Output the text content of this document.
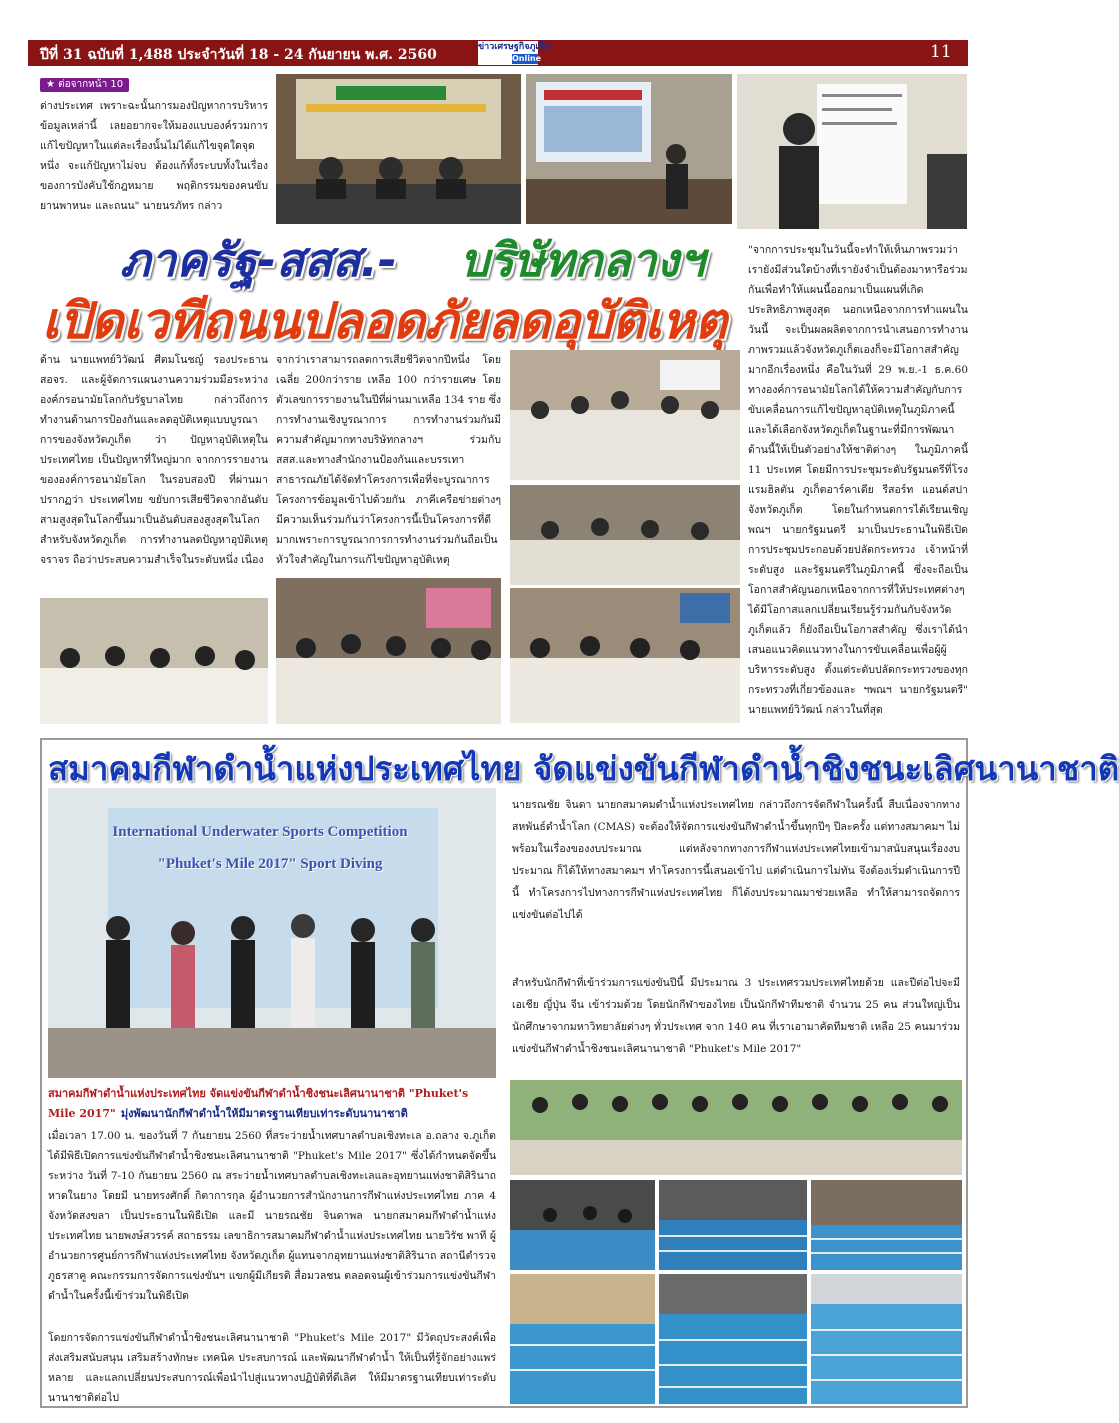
ปีที่ 31 ฉบับที่ 1,488 ประจำวันที่ 18 - 24 กันยายน พ.ศ. 2560	ข่าวเศรษฐกิจภูเก็ต
Online	11
★ ต่อจากหน้า 10
ต่างประเทศ เพราะฉะนั้นการมองปัญหาการบริหาร ข้อมูลเหล่านี้ เลยอยากจะให้มองแบบองค์รวมการ แก้ไขปัญหาในแต่ละเรื่องนั้นไม่ได้แก้ไขจุดใดจุด หนึ่ง จะแก้ปัญหาไม่จบ ต้องแก้ทั้งระบบทั้งในเรื่อง ของการบังคับใช้กฎหมาย พฤติกรรมของคนขับ ยานพาหนะ และถนน" นายนรภัทร กล่าว
ภาครัฐ-สสส.- บริษัทกลางฯ
เปิดเวทีถนนปลอดภัยลดอุบัติเหตุ
ด้าน นายแพทย์วิวัฒน์ ศีตมโนชญ์ รองประธาน สอจร. และผู้จัดการแผนงานความร่วมมือระหว่างองค์กรอนามัยโลกกับรัฐบาลไทย กล่าวถึงการทำงานด้านการป้องกันและลดอุบัติเหตุแบบบูรณาการของจังหวัดภูเก็ต ว่า ปัญหาอุบัติเหตุในประเทศไทย เป็นปัญหาที่ใหญ่มาก จากการรายงานขององค์การอนามัยโลก ในรอบสองปี ที่ผ่านมาปรากฏว่า ประเทศไทย ขยับการเสียชีวิตจากอันดับสามสูงสุดในโลกขึ้นมาเป็นอันดับสองสูงสุดในโลก สำหรับจังหวัดภูเก็ต การทำงานลดปัญหาอุบัติเหตุจราจร ถือว่าประสบความสำเร็จในระดับหนึ่ง เนื่อง
จากว่าเราสามารถลดการเสียชีวิตจากปีหนึ่ง โดยเฉลี่ย 200กว่าราย เหลือ 100 กว่ารายเศษ โดยตัวเลขการรายงานในปีที่ผ่านมาเหลือ 134 ราย ซึ่งการทำงานเชิงบูรณาการ การทำงานร่วมกันมีความสำคัญมากทางบริษัทกลางฯ ร่วมกับ สสส.และทางสำนักงานป้องกันและบรรเทาสาธารณภัยได้จัดทำโครงการเพื่อที่จะบูรณาการโครงการข้อมูลเข้าไปด้วยกัน ภาคีเครือข่ายต่างๆ มีความเห็นร่วมกันว่าโครงการนี้เป็นโครงการที่ดีมากเพราะการบูรณาการการทำงานร่วมกันถือเป็นหัวใจสำคัญในการแก้ไขปัญหาอุบัติเหตุ
"จากการประชุมในวันนี้จะทำให้เห็นภาพรวมว่าเรายังมีส่วนใดบ้างที่เรายังจำเป็นต้องมาหารือร่วมกันเพื่อทำให้แผนนี้ออกมาเป็นแผนที่เกิดประสิทธิภาพสูงสุด นอกเหนือจากการทำแผนในวันนี้ จะเป็นผลผลิตจากการนำเสนอการทำงานภาพรวมแล้วจังหวัดภูเก็ตเองก็จะมีโอกาสสำคัญมากอีกเรื่องหนึ่ง คือในวันที่ 29 พ.ย.-1 ธ.ค.60 ทางองค์การอนามัยโลกได้ให้ความสำคัญกับการขับเคลื่อนการแก้ไขปัญหาอุบัติเหตุในภูมิภาคนี้ และได้เลือกจังหวัดภูเก็ตในฐานะที่มีการพัฒนาด้านนี้ให้เป็นตัวอย่างให้ชาติต่างๆ ในภูมิภาคนี้ 11 ประเทศ โดยมีการประชุมระดับรัฐมนตรีที่โรงแรมฮิลตัน ภูเก็ตอาร์คาเดีย รีสอร์ท แอนด์สปา จังหวัดภูเก็ต โดยในกำหนดการได้เรียนเชิญ พณฯ นายกรัฐมนตรี มาเป็นประธานในพิธีเปิดการประชุมประกอบด้วยปลัดกระทรวง เจ้าหน้าที่ระดับสูง และรัฐมนตรีในภูมิภาคนี้ ซึ่งจะถือเป็นโอกาสสำคัญนอกเหนือจากการที่ให้ประเทศต่างๆ ได้มีโอกาสแลกเปลี่ยนเรียนรู้ร่วมกันกับจังหวัดภูเก็ตแล้ว ก็ยังถือเป็นโอกาสสำคัญ ซึ่งเราได้นำเสนอแนวคิดแนวทางในการขับเคลื่อนเพื่อผู้ผู้บริหารระดับสูง ตั้งแต่ระดับปลัดกระทรวงของทุกกระทรวงที่เกี่ยวข้องและ ฯพณฯ นายกรัฐมนตรี" นายแพทย์วิวัฒน์ กล่าวในที่สุด
สมาคมกีฬาดำน้ำแห่งประเทศไทย จัดแข่งขันกีฬาดำน้ำชิงชนะเลิศนานาชาติ
International Underwater Sports Competition
"Phuket's Mile 2017" Sport Diving
นายรณชัย จินดา นายกสมาคมดำน้ำแห่งประเทศไทย กล่าวถึงการจัดกีฬาในครั้งนี้ สืบเนื่องจากทางสหพันธ์ดำน้ำโลก (CMAS) จะต้องให้จัดการแข่งขันกีฬาดำน้ำขึ้นทุกปีๆ ปีละครั้ง แต่ทางสมาคมฯ ไม่พร้อมในเรื่องของงบประมาณ แต่หลังจากทางการกีฬาแห่งประเทศไทยเข้ามาสนับสนุนเรื่องงบประมาณ ก็ได้ให้ทางสมาคมฯ ทำโครงการนี้เสนอเข้าไป แต่ดำเนินการไม่ทัน จึงต้องเริ่มดำเนินการปีนี้ ทำโครงการไปทางการกีฬาแห่งประเทศไทย ก็ได้งบประมาณมาช่วยเหลือ ทำให้สามารถจัดการแข่งขันต่อไปได้
สำหรับนักกีฬาที่เข้าร่วมการแข่งขันปีนี้ มีประมาณ 3 ประเทศรวมประเทศไทยด้วย และปีต่อไปจะมีเอเชีย ญี่ปุ่น จีน เข้าร่วมด้วย โดยนักกีฬาของไทย เป็นนักกีฬาทีมชาติ จำนวน 25 คน ส่วนใหญ่เป็นนักศึกษาจากมหาวิทยาลัยต่างๆ ทั่วประเทศ จาก 140 คน ที่เราเอามาคัดทีมชาติ เหลือ 25 คนมาร่วมแข่งขันกีฬาดำน้ำชิงชนะเลิศนานาชาติ "Phuket's Mile 2017"
สมาคมกีฬาดำน้ำแห่งประเทศไทย จัดแข่งขันกีฬาดำน้ำชิงชนะเลิศนานาชาติ "Phuket's Mile 2017" มุ่งพัฒนานักกีฬาดำน้ำให้มีมาตรฐานเทียบเท่าระดับนานาชาติ
เมื่อเวลา 17.00 น. ของวันที่ 7 กันยายน 2560 ที่สระว่ายน้ำเทศบาลตำบลเชิงทะเล อ.ถลาง จ.ภูเก็ต ได้มีพิธีเปิดการแข่งขันกีฬาดำน้ำชิงชนะเลิศนานาชาติ "Phuket's Mile 2017" ซึ่งได้กำหนดจัดขึ้นระหว่าง วันที่ 7-10 กันยายน 2560 ณ สระว่ายน้ำเทศบาลตำบลเชิงทะเลและอุทยานแห่งชาติสิรินาถ หาดในยาง โดยมี นายทรงศักดิ์ กิตาการกุล ผู้อำนวยการสำนักงานการกีฬาแห่งประเทศไทย ภาค 4 จังหวัดสงขลา เป็นประธานในพิธีเปิด และมี นายรณชัย จินดาพล นายกสมาคมกีฬาดำน้ำแห่งประเทศไทย นายพงษ์สวรรค์ สถาธรรม เลขาธิการสมาคมกีฬาดำน้ำแห่งประเทศไทย นายวิรัช พาที ผู้อำนวยการศูนย์การกีฬาแห่งประเทศไทย จังหวัดภูเก็ต ผู้แทนจากอุทยานแห่งชาติสิรินาถ สถานีตำรวจภูธรสาคู คณะกรรมการจัดการแข่งขันฯ แขกผู้มีเกียรติ สื่อมวลชน ตลอดจนผู้เข้าร่วมการแข่งขันกีฬาดำน้ำในครั้งนี้เข้าร่วมในพิธีเปิด
โดยการจัดการแข่งขันกีฬาดำน้ำชิงชนะเลิศนานาชาติ "Phuket's Mile 2017" มีวัตถุประสงค์เพื่อส่งเสริมสนับสนุน เสริมสร้างทักษะ เทคนิค ประสบการณ์ และพัฒนากีฬาดำน้ำ ให้เป็นที่รู้จักอย่างแพร่หลาย และแลกเปลี่ยนประสบการณ์เพื่อนำไปสู่แนวทางปฏิบัติที่ดีเลิศ ให้มีมาตรฐานเทียบเท่าระดับนานาชาติต่อไป
